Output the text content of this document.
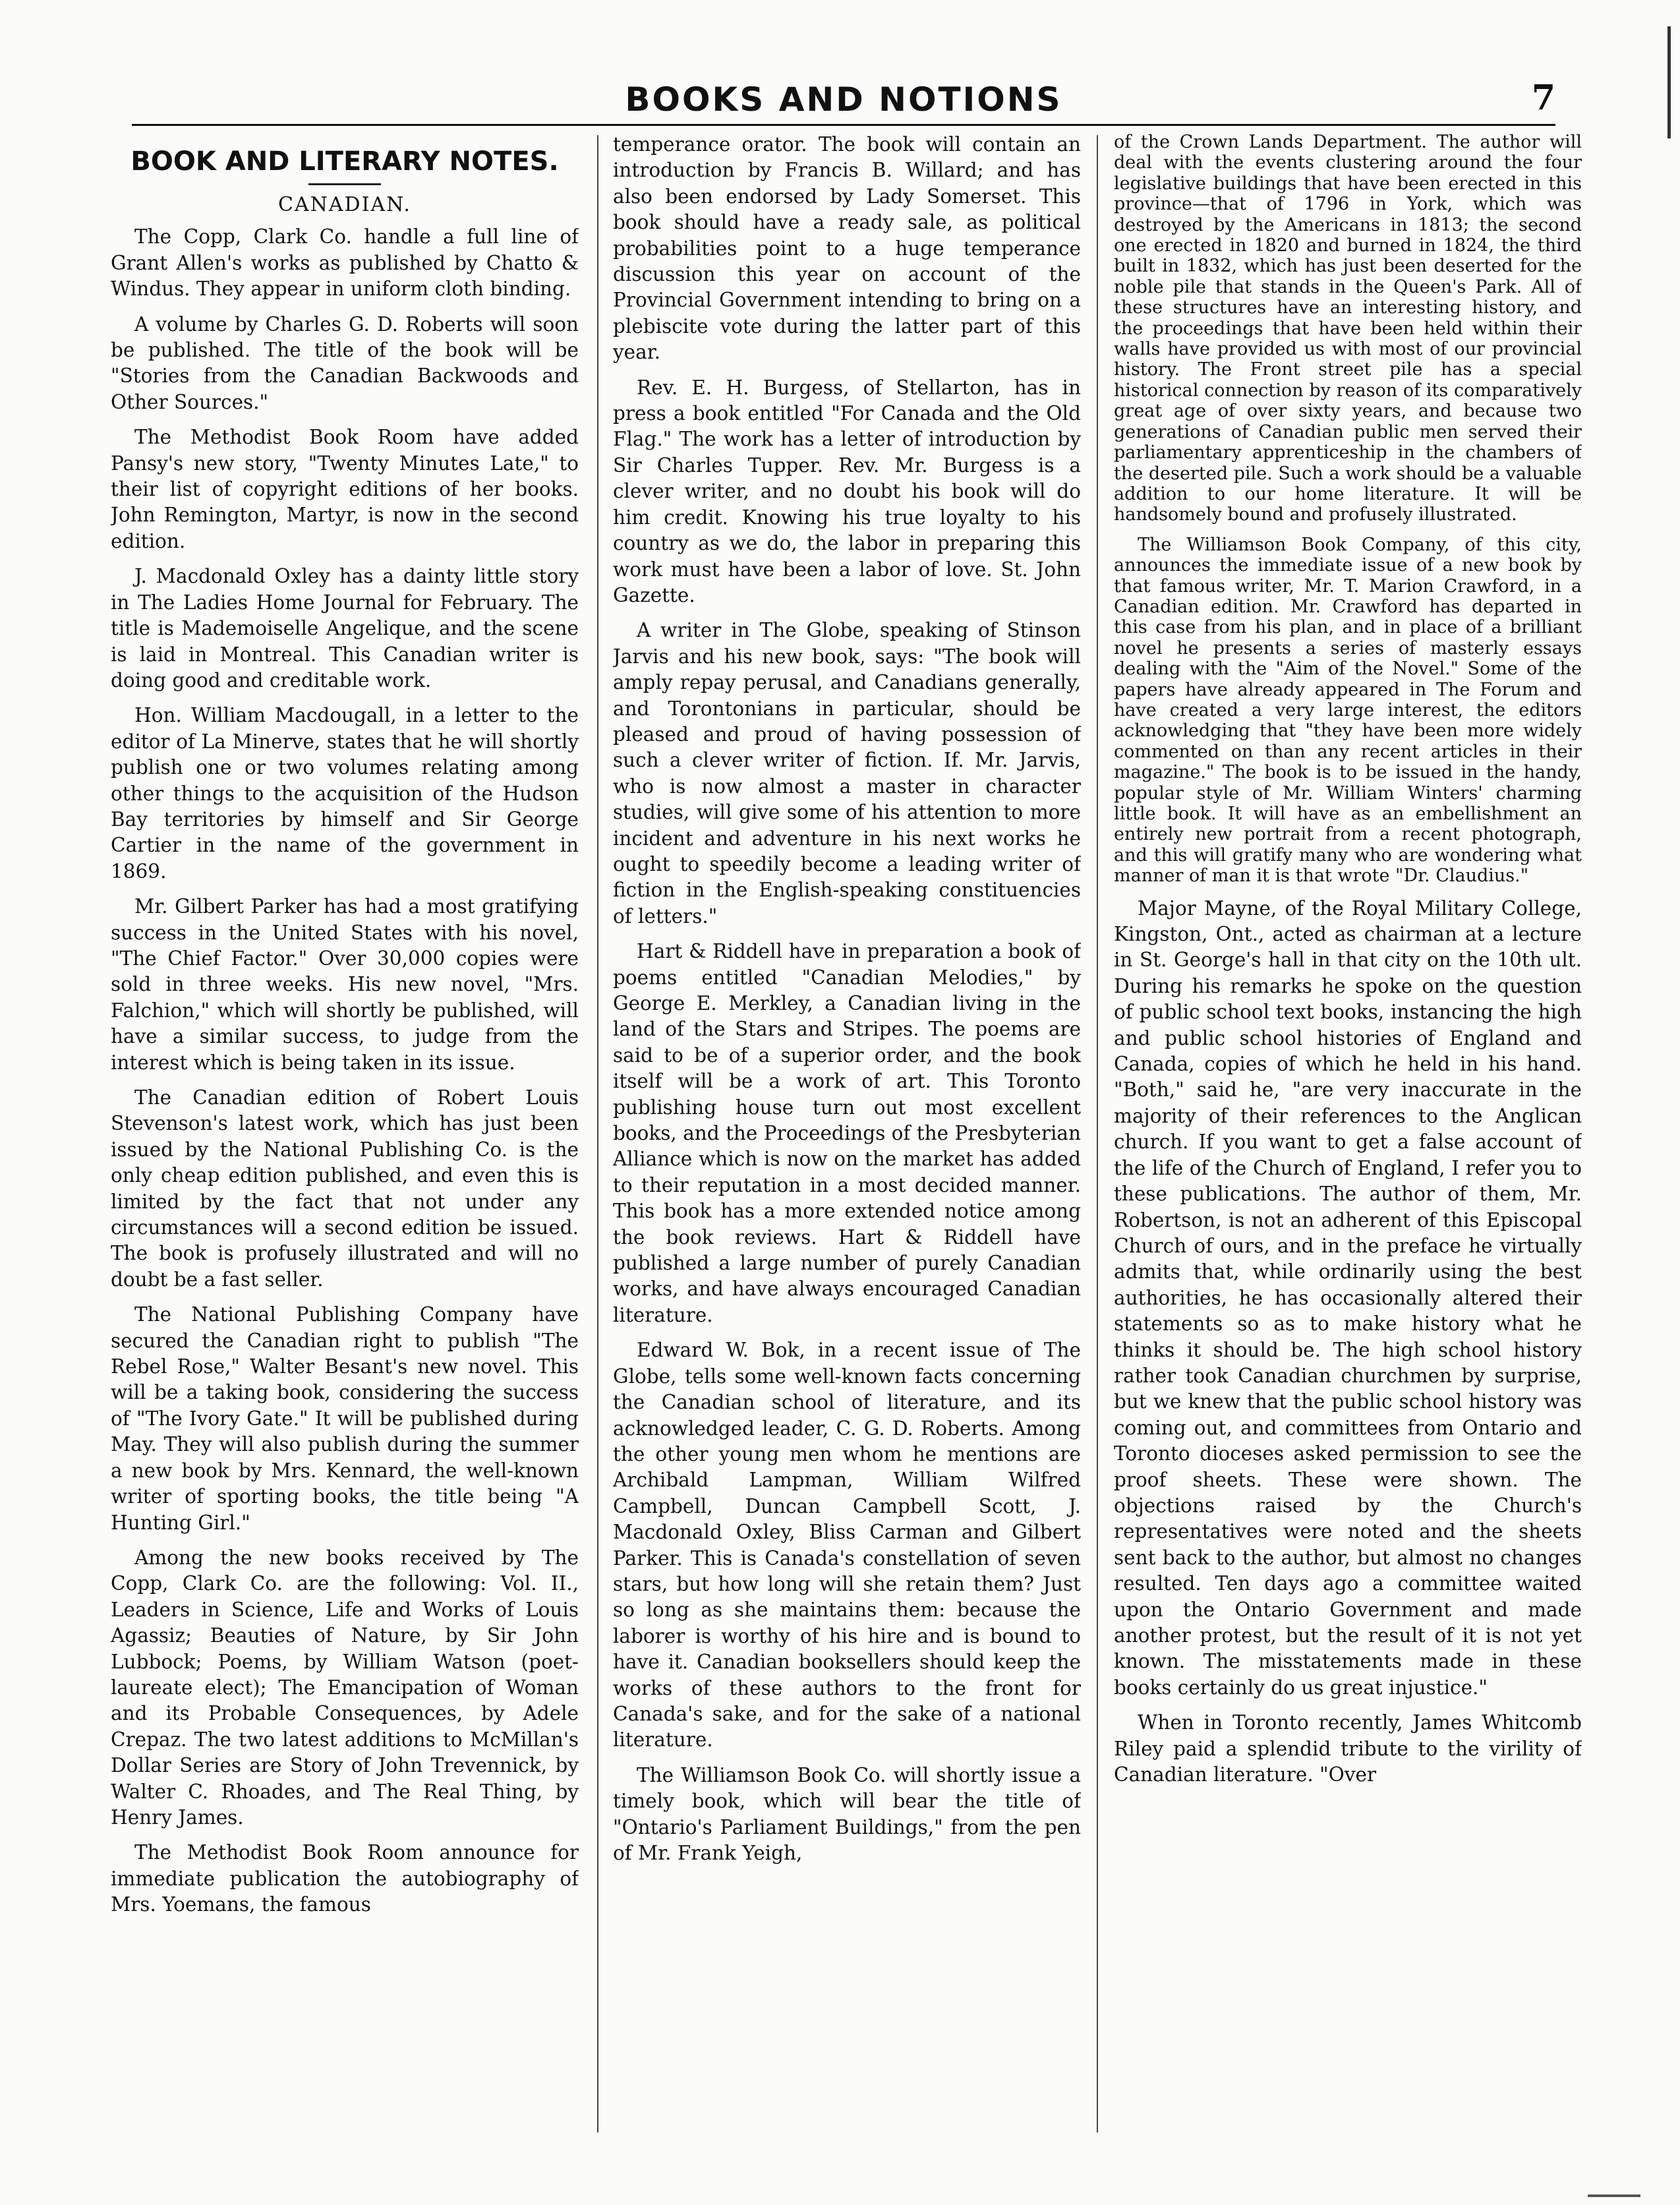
BOOKS AND NOTIONS	7
BOOK AND LITERARY NOTES.
CANADIAN.

The Copp, Clark Co. handle a full line of Grant Allen's works as published by Chatto & Windus. They appear in uniform cloth binding.

A volume by Charles G. D. Roberts will soon be published. The title of the book will be "Stories from the Canadian Backwoods and Other Sources."

The Methodist Book Room have added Pansy's new story, "Twenty Minutes Late," to their list of copyright editions of her books. John Remington, Martyr, is now in the second edition.

J. Macdonald Oxley has a dainty little story in The Ladies Home Journal for February. The title is Mademoiselle Angelique, and the scene is laid in Montreal. This Canadian writer is doing good and creditable work.

Hon. William Macdougall, in a letter to the editor of La Minerve, states that he will shortly publish one or two volumes relating among other things to the acquisition of the Hudson Bay territories by himself and Sir George Cartier in the name of the government in 1869.

Mr. Gilbert Parker has had a most gratifying success in the United States with his novel, "The Chief Factor." Over 30,000 copies were sold in three weeks. His new novel, "Mrs. Falchion," which will shortly be published, will have a similar success, to judge from the interest which is being taken in its issue.

The Canadian edition of Robert Louis Stevenson's latest work, which has just been issued by the National Publishing Co. is the only cheap edition published, and even this is limited by the fact that not under any circumstances will a second edition be issued. The book is profusely illustrated and will no doubt be a fast seller.

The National Publishing Company have secured the Canadian right to publish "The Rebel Rose," Walter Besant's new novel. This will be a taking book, considering the success of "The Ivory Gate." It will be published during May. They will also publish during the summer a new book by Mrs. Kennard, the well-known writer of sporting books, the title being "A Hunting Girl."

Among the new books received by The Copp, Clark Co. are the following: Vol. II., Leaders in Science, Life and Works of Louis Agassiz; Beauties of Nature, by Sir John Lubbock; Poems, by William Watson (poet-laureate elect); The Emancipation of Woman and its Probable Consequences, by Adele Crepaz. The two latest additions to McMillan's Dollar Series are Story of John Trevennick, by Walter C. Rhoades, and The Real Thing, by Henry James.

The Methodist Book Room announce for immediate publication the autobiography of Mrs. Yoemans, the famous

temperance orator. The book will contain an introduction by Francis B. Willard; and has also been endorsed by Lady Somerset. This book should have a ready sale, as political probabilities point to a huge temperance discussion this year on account of the Provincial Government intending to bring on a plebiscite vote during the latter part of this year.

Rev. E. H. Burgess, of Stellarton, has in press a book entitled "For Canada and the Old Flag." The work has a letter of introduction by Sir Charles Tupper. Rev. Mr. Burgess is a clever writer, and no doubt his book will do him credit. Knowing his true loyalty to his country as we do, the labor in preparing this work must have been a labor of love. St. John Gazette.

A writer in The Globe, speaking of Stinson Jarvis and his new book, says: "The book will amply repay perusal, and Canadians generally, and Torontonians in particular, should be pleased and proud of having possession of such a clever writer of fiction. If. Mr. Jarvis, who is now almost a master in character studies, will give some of his attention to more incident and adventure in his next works he ought to speedily become a leading writer of fiction in the English-speaking constituencies of letters."

Hart & Riddell have in preparation a book of poems entitled "Canadian Melodies," by George E. Merkley, a Canadian living in the land of the Stars and Stripes. The poems are said to be of a superior order, and the book itself will be a work of art. This Toronto publishing house turn out most excellent books, and the Proceedings of the Presbyterian Alliance which is now on the market has added to their reputation in a most decided manner. This book has a more extended notice among the book reviews. Hart & Riddell have published a large number of purely Canadian works, and have always encouraged Canadian literature.

Edward W. Bok, in a recent issue of The Globe, tells some well-known facts concerning the Canadian school of literature, and its acknowledged leader, C. G. D. Roberts. Among the other young men whom he mentions are Archibald Lampman, William Wilfred Campbell, Duncan Campbell Scott, J. Macdonald Oxley, Bliss Carman and Gilbert Parker. This is Canada's constellation of seven stars, but how long will she retain them? Just so long as she maintains them: because the laborer is worthy of his hire and is bound to have it. Canadian booksellers should keep the works of these authors to the front for Canada's sake, and for the sake of a national literature.

The Williamson Book Co. will shortly issue a timely book, which will bear the title of "Ontario's Parliament Buildings," from the pen of Mr. Frank Yeigh,

of the Crown Lands Department. The author will deal with the events clustering around the four legislative buildings that have been erected in this province—that of 1796 in York, which was destroyed by the Americans in 1813; the second one erected in 1820 and burned in 1824, the third built in 1832, which has just been deserted for the noble pile that stands in the Queen's Park. All of these structures have an interesting history, and the proceedings that have been held within their walls have provided us with most of our provincial history. The Front street pile has a special historical connection by reason of its comparatively great age of over sixty years, and because two generations of Canadian public men served their parliamentary apprenticeship in the chambers of the deserted pile. Such a work should be a valuable addition to our home literature. It will be handsomely bound and profusely illustrated.

The Williamson Book Company, of this city, announces the immediate issue of a new book by that famous writer, Mr. T. Marion Crawford, in a Canadian edition. Mr. Crawford has departed in this case from his plan, and in place of a brilliant novel he presents a series of masterly essays dealing with the "Aim of the Novel." Some of the papers have already appeared in The Forum and have created a very large interest, the editors acknowledging that "they have been more widely commented on than any recent articles in their magazine." The book is to be issued in the handy, popular style of Mr. William Winters' charming little book. It will have as an embellishment an entirely new portrait from a recent photograph, and this will gratify many who are wondering what manner of man it is that wrote "Dr. Claudius."

Major Mayne, of the Royal Military College, Kingston, Ont., acted as chairman at a lecture in St. George's hall in that city on the 10th ult. During his remarks he spoke on the question of public school text books, instancing the high and public school histories of England and Canada, copies of which he held in his hand. "Both," said he, "are very inaccurate in the majority of their references to the Anglican church. If you want to get a false account of the life of the Church of England, I refer you to these publications. The author of them, Mr. Robertson, is not an adherent of this Episcopal Church of ours, and in the preface he virtually admits that, while ordinarily using the best authorities, he has occasionally altered their statements so as to make history what he thinks it should be. The high school history rather took Canadian churchmen by surprise, but we knew that the public school history was coming out, and committees from Ontario and Toronto dioceses asked permission to see the proof sheets. These were shown. The objections raised by the Church's representatives were noted and the sheets sent back to the author, but almost no changes resulted. Ten days ago a committee waited upon the Ontario Government and made another protest, but the result of it is not yet known. The misstatements made in these books certainly do us great injustice."

When in Toronto recently, James Whitcomb Riley paid a splendid tribute to the virility of Canadian literature. "Over
